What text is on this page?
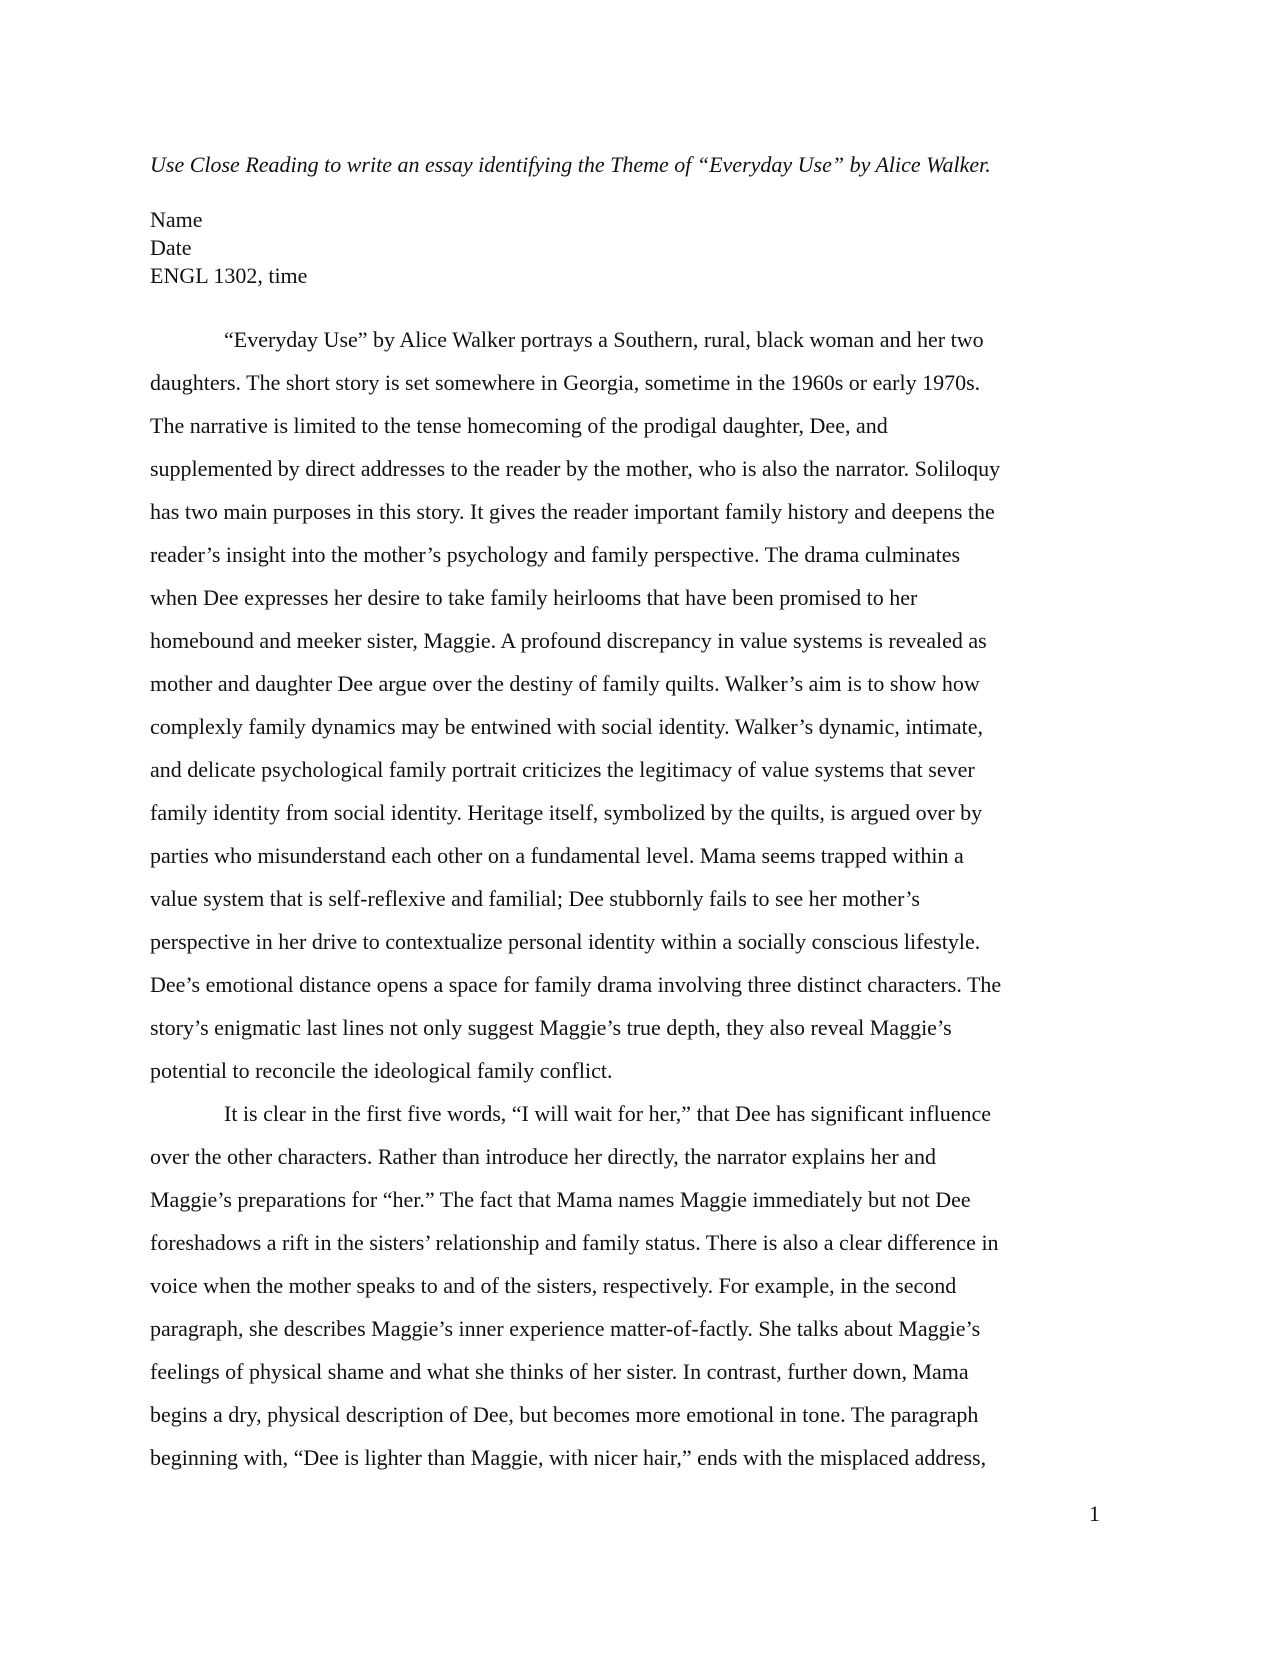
Use Close Reading to write an essay identifying the Theme of “Everyday Use” by Alice Walker.
Name
Date
ENGL 1302, time
“Everyday Use” by Alice Walker portrays a Southern, rural, black woman and her two
daughters. The short story is set somewhere in Georgia, sometime in the 1960s or early 1970s.
The narrative is limited to the tense homecoming of the prodigal daughter, Dee, and
supplemented by direct addresses to the reader by the mother, who is also the narrator. Soliloquy
has two main purposes in this story. It gives the reader important family history and deepens the
reader’s insight into the mother’s psychology and family perspective. The drama culminates
when Dee expresses her desire to take family heirlooms that have been promised to her
homebound and meeker sister, Maggie. A profound discrepancy in value systems is revealed as
mother and daughter Dee argue over the destiny of family quilts. Walker’s aim is to show how
complexly family dynamics may be entwined with social identity. Walker’s dynamic, intimate,
and delicate psychological family portrait criticizes the legitimacy of value systems that sever
family identity from social identity. Heritage itself, symbolized by the quilts, is argued over by
parties who misunderstand each other on a fundamental level. Mama seems trapped within a
value system that is self-reflexive and familial; Dee stubbornly fails to see her mother’s
perspective in her drive to contextualize personal identity within a socially conscious lifestyle.
Dee’s emotional distance opens a space for family drama involving three distinct characters. The
story’s enigmatic last lines not only suggest Maggie’s true depth, they also reveal Maggie’s
potential to reconcile the ideological family conflict.
It is clear in the first five words, “I will wait for her,” that Dee has significant influence
over the other characters. Rather than introduce her directly, the narrator explains her and
Maggie’s preparations for “her.” The fact that Mama names Maggie immediately but not Dee
foreshadows a rift in the sisters’ relationship and family status. There is also a clear difference in
voice when the mother speaks to and of the sisters, respectively. For example, in the second
paragraph, she describes Maggie’s inner experience matter-of-factly. She talks about Maggie’s
feelings of physical shame and what she thinks of her sister. In contrast, further down, Mama
begins a dry, physical description of Dee, but becomes more emotional in tone. The paragraph
beginning with, “Dee is lighter than Maggie, with nicer hair,” ends with the misplaced address,
1
